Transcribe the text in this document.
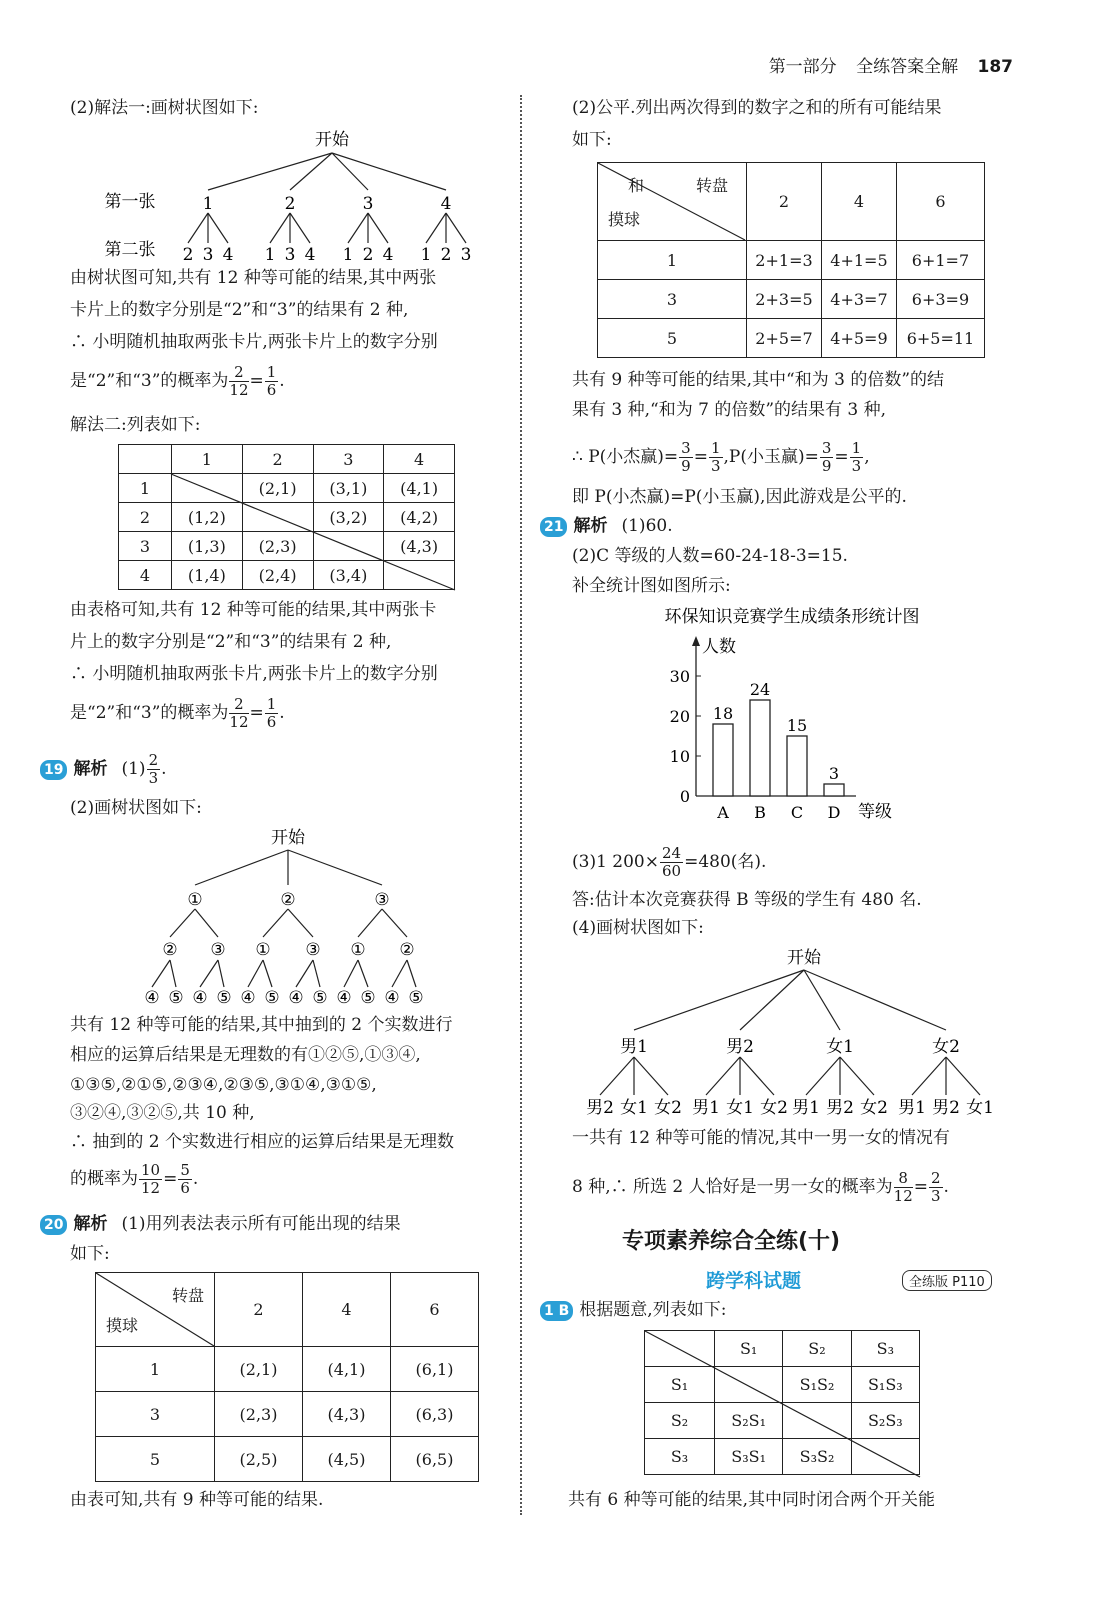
第一部分 全练答案全解 187
(2)解法一:画树状图如下:
开始
第一张
第二张
1	2	3	4
2 3 4 1 3 4 1 2 4 1 2 3
由树状图可知,共有 12 种等可能的结果,其中两张
卡片上的数字分别是“2”和“3”的结果有 2 种,
∴ 小明随机抽取两张卡片,两张卡片上的数字分别
是“2”和“3”的概率为 $\frac{2}{12} = \frac{1}{6}$ .
解法二:列表如下:
	1	2	3	4
1		(2,1)	(3,1)	(4,1)
2	(1,2)		(3,2)	(4,2)
3	(1,3)	(2,3)		(4,3)
4	(1,4)	(2,4)	(3,4)	
由表格可知,共有 12 种等可能的结果,其中两张卡
片上的数字分别是“2”和“3”的结果有 2 种,
∴ 小明随机抽取两张卡片,两张卡片上的数字分别
是“2”和“3”的概率为 $\frac{2}{12} = \frac{1}{6}$ .
19 解析 $(1) \frac{2}{3}$ .
(2)画树状图如下:
开始
①	②	③
② ③ ① ③ ① ②
④ ⑤ ④ ⑤ ④ ⑤ ④ ⑤ ④ ⑤ ④ ⑤
共有 12 种等可能的结果,其中抽到的 2 个实数进行
相应的运算后结果是无理数的有①②⑤,①③④,
①③⑤,②①⑤,②③④,②③⑤,③①④,③①⑤,
③②④,③②⑤,共 10 种,
∴ 抽到的 2 个实数进行相应的运算后结果是无理数
的概率为 $\frac{10}{12} = \frac{5}{6}$ .
20 解析 (1)用列表法表示所有可能出现的结果
如下:
转盘
摸球	2	4	6
1	(2,1)	(4,1)	(6,1)
3	(2,3)	(4,3)	(6,3)
5	(2,5)	(4,5)	(6,5)
由表可知,共有 9 种等可能的结果.
(2)公平.列出两次得到的数字之和的所有可能结果
如下:
和 转盘
摸球	2	4	6
1	2+1=3	4+1=5	6+1=7
3	2+3=5	4+3=7	6+3=9
5	2+5=7	4+5=9	6+5=11
共有 9 种等可能的结果,其中“和为 3 的倍数”的结
果有 3 种,“和为 7 的倍数”的结果有 3 种,
∴ P(小杰赢)= $\frac{3}{9} = \frac{1}{3} ,P$(小玉赢)= $\frac{3}{9} = \frac{1}{3}$ ,
即 P(小杰赢)=P(小玉赢),因此游戏是公平的.
21 解析 (1)60.
(2)C 等级的人数=60-24-18-3=15.
补全统计图如图所示:
环保知识竞赛学生成绩条形统计图
人数
等级
0
10
20
30
18
A
24
B
15
C
3
D
(3)1 $200\times \frac{24}{60} =480$(名).
答:估计本次竞赛获得 B 等级的学生有 480 名.
(4)画树状图如下:
开始
男1	男2	女1	女2
男2 女1 女2 男1 女1 女2 男1 男2 女2 男1 男2 女1
一共有 12 种等可能的情况,其中一男一女的情况有
8 种,∴ 所选 2 人恰好是一男一女的概率为 $\frac{8}{12} = \frac{2}{3}$ .
专项素养综合全练(十)
跨学科试题	全练版 P110
1 B 根据题意,列表如下:
	S₁	S₂	S₃
S₁		S₁S₂	S₁S₃
S₂	S₂S₁		S₂S₃
S₃	S₃S₁	S₃S₂	
共有 6 种等可能的结果,其中同时闭合两个开关能
